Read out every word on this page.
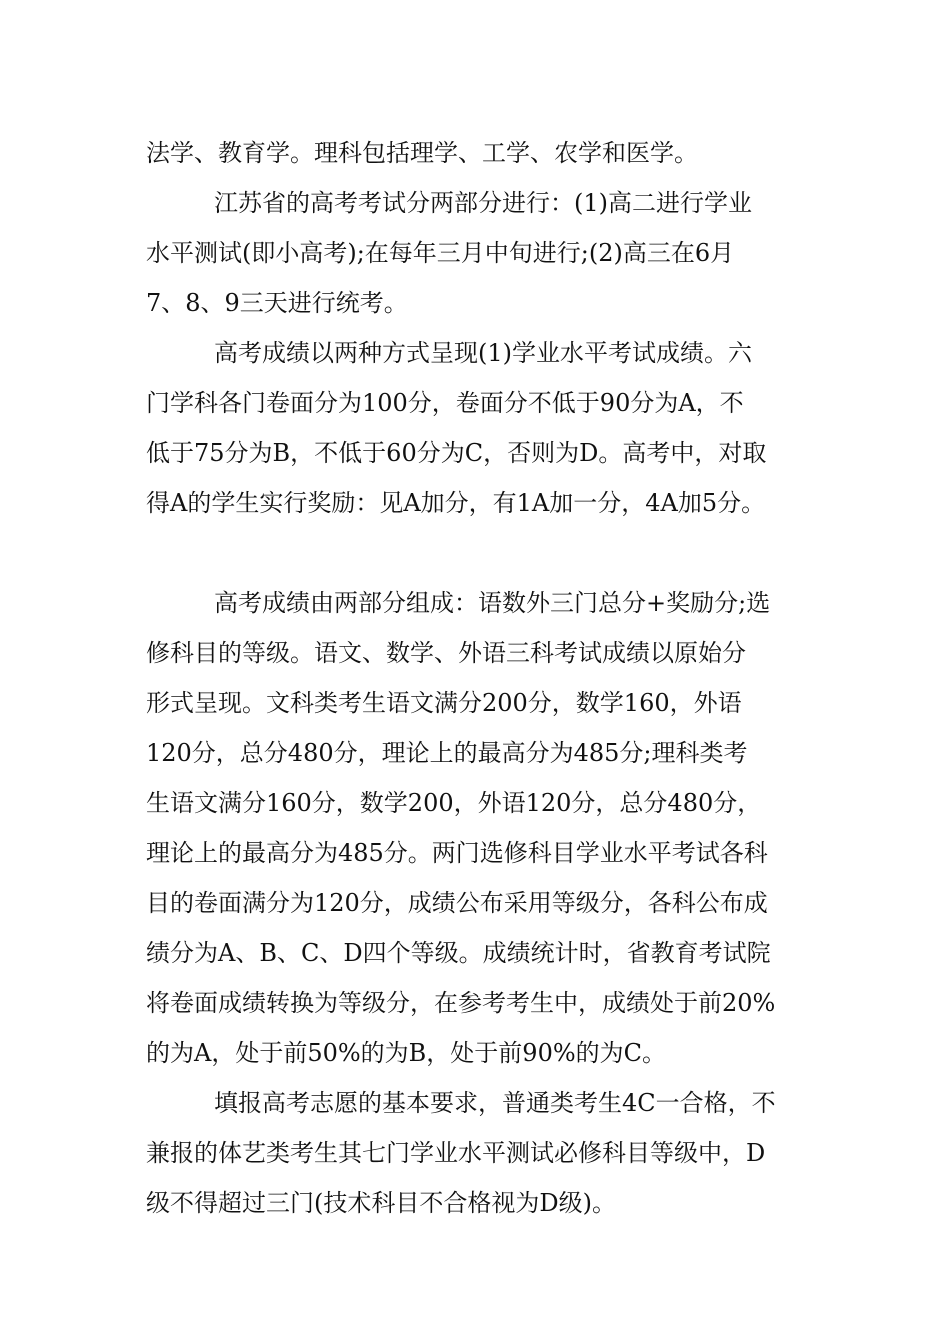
法学、教育学。理科包括理学、工学、农学和医学。

江苏省的高考考试分两部分进行：(1)高二进行学业
水平测试(即小高考);在每年三月中旬进行;(2)高三在6月
7、8、9三天进行统考。

高考成绩以两种方式呈现(1)学业水平考试成绩。六
门学科各门卷面分为100分，卷面分不低于90分为A，不
低于75分为B，不低于60分为C，否则为D。高考中，对取
得A的学生实行奖励：见A加分，有1A加一分，4A加5分。

高考成绩由两部分组成：语数外三门总分+奖励分;选
修科目的等级。语文、数学、外语三科考试成绩以原始分
形式呈现。文科类考生语文满分200分，数学160，外语
120分，总分480分，理论上的最高分为485分;理科类考
生语文满分160分，数学200，外语120分，总分480分，
理论上的最高分为485分。两门选修科目学业水平考试各科
目的卷面满分为120分，成绩公布采用等级分，各科公布成
绩分为A、B、C、D四个等级。成绩统计时，省教育考试院
将卷面成绩转换为等级分，在参考考生中，成绩处于前20%
的为A，处于前50%的为B，处于前90%的为C。

填报高考志愿的基本要求，普通类考生4C一合格，不
兼报的体艺类考生其七门学业水平测试必修科目等级中，D
级不得超过三门(技术科目不合格视为D级)。
